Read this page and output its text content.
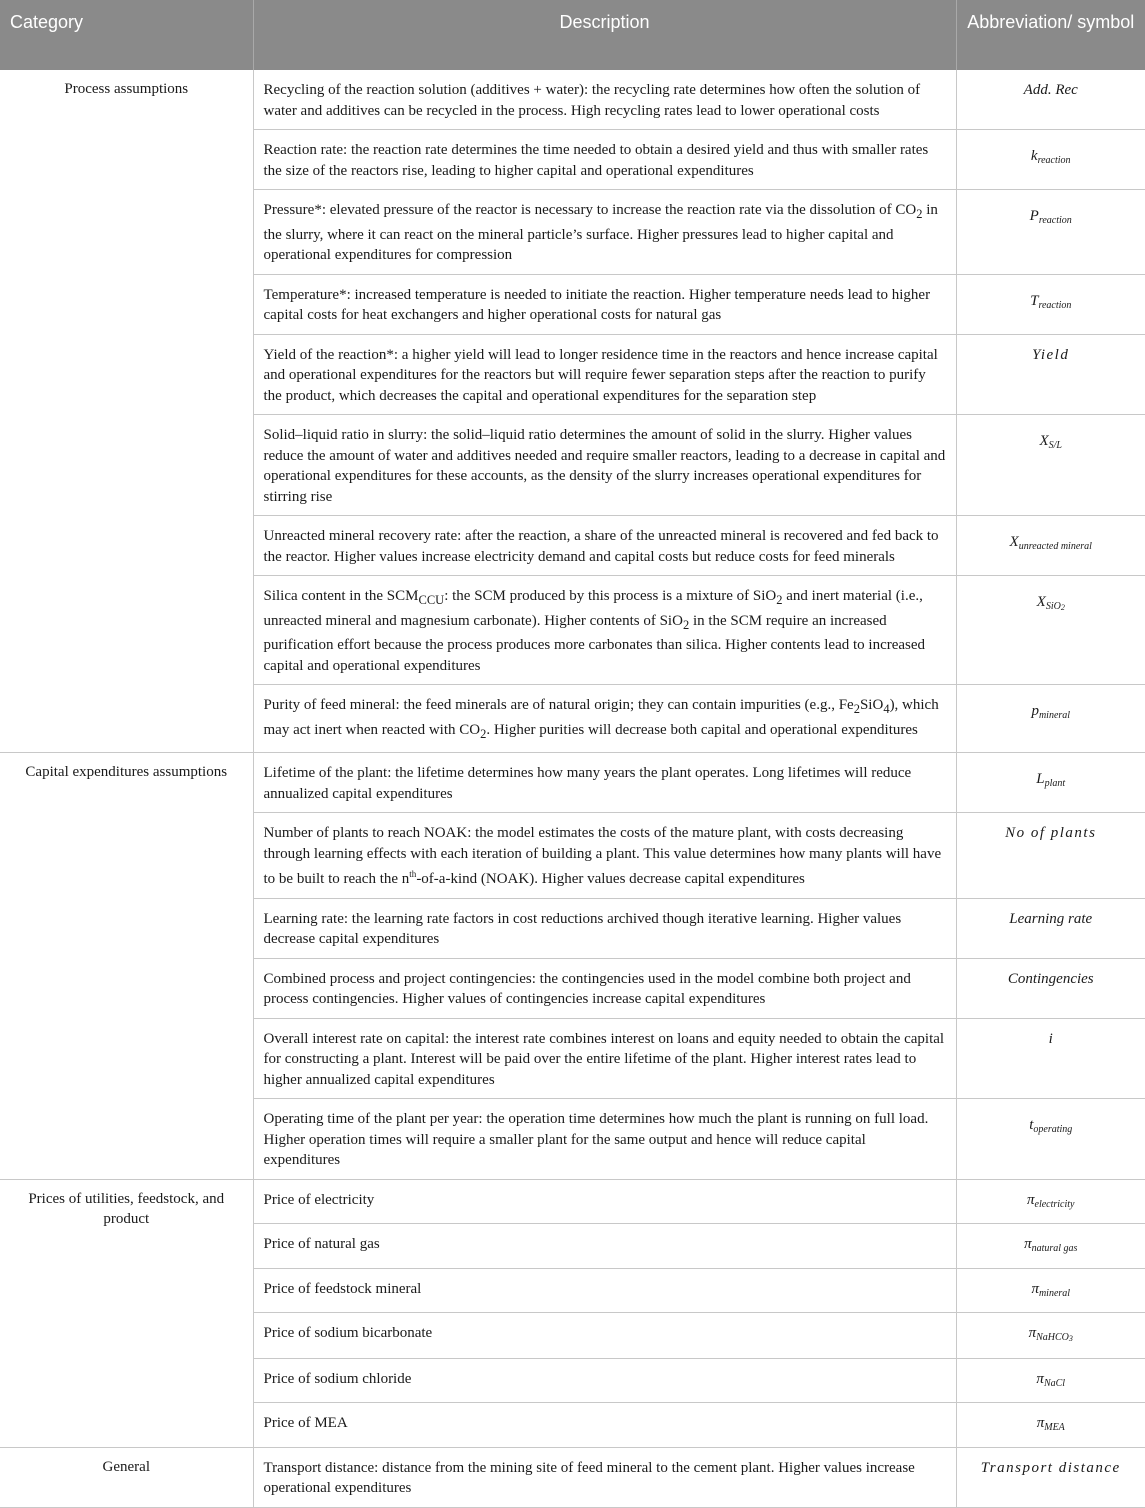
Category	Description	Abbreviation/ symbol
Process assumptions	Recycling of the reaction solution (additives + water): the recycling rate determines how often the solution of water and additives can be recycled in the process. High recycling rates lead to lower operational costs	Add. Rec
	Reaction rate: the reaction rate determines the time needed to obtain a desired yield and thus with smaller rates the size of the reactors rise, leading to higher capital and operational expenditures	$k_{reaction}$
	Pressure*: elevated pressure of the reactor is necessary to increase the reaction rate via the dissolution of $CO_2$ in the slurry, where it can react on the mineral particle’s surface. Higher pressures lead to higher capital and operational expenditures for compression	$P_{reaction}$
	Temperature*: increased temperature is needed to initiate the reaction. Higher temperature needs lead to higher capital costs for heat exchangers and higher operational costs for natural gas	$T_{reaction}$
	Yield of the reaction*: a higher yield will lead to longer residence time in the reactors and hence increase capital and operational expenditures for the reactors but will require fewer separation steps after the reaction to purify the product, which decreases the capital and operational expenditures for the separation step	Yield
	Solid–liquid ratio in slurry: the solid–liquid ratio determines the amount of solid in the slurry. Higher values reduce the amount of water and additives needed and require smaller reactors, leading to a decrease in capital and operational expenditures for these accounts, as the density of the slurry increases operational expenditures for stirring rise	$X_{S/L}$
	Unreacted mineral recovery rate: after the reaction, a share of the unreacted mineral is recovered and fed back to the reactor. Higher values increase electricity demand and capital costs but reduce costs for feed minerals	$X_{unreacted mineral}$
	Silica content in the $SCM_{CCU}$: the SCM produced by this process is a mixture of SiO$_2$ and inert material (i.e., unreacted mineral and magnesium carbonate). Higher contents of SiO$_2$ in the SCM require an increased purification effort because the process produces more carbonates than silica. Higher contents lead to increased capital and operational expenditures	$X_{SiO2}$
	Purity of feed mineral: the feed minerals are of natural origin; they can contain impurities (e.g., $Fe_2SiO_4$), which may act inert when reacted with $CO_2$. Higher purities will decrease both capital and operational expenditures	$p_{mineral}$
Capital expenditures assumptions	Lifetime of the plant: the lifetime determines how many years the plant operates. Long lifetimes will reduce annualized capital expenditures	$L_{plant}$
	Number of plants to reach NOAK: the model estimates the costs of the mature plant, with costs decreasing through learning effects with each iteration of building a plant. This value determines how many plants will have to be built to reach the $n^{th}-of-a$-kind (NOAK). Higher values decrease capital expenditures	No of plants
	Learning rate: the learning rate factors in cost reductions archived though iterative learning. Higher values decrease capital expenditures	Learning rate
	Combined process and project contingencies: the contingencies used in the model combine both project and process contingencies. Higher values of contingencies increase capital expenditures	Contingencies
	Overall interest rate on capital: the interest rate combines interest on loans and equity needed to obtain the capital for constructing a plant. Interest will be paid over the entire lifetime of the plant. Higher interest rates lead to higher annualized capital expenditures	i
	Operating time of the plant per year: the operation time determines how much the plant is running on full load. Higher operation times will require a smaller plant for the same output and hence will reduce capital expenditures	$t_{operating}$
Prices of utilities, feedstock, and product	Price of electricity	$\pi_{electricity}$
	Price of natural gas	$\pi_{natural gas}$
	Price of feedstock mineral	$\pi_{mineral}$
	Price of sodium bicarbonate	$\pi_{NaHCO3}$
	Price of sodium chloride	$\pi_{NaCl}$
	Price of MEA	$\pi_{MEA}$
General	Transport distance: distance from the mining site of feed mineral to the cement plant. Higher values increase operational expenditures	Transport distance
